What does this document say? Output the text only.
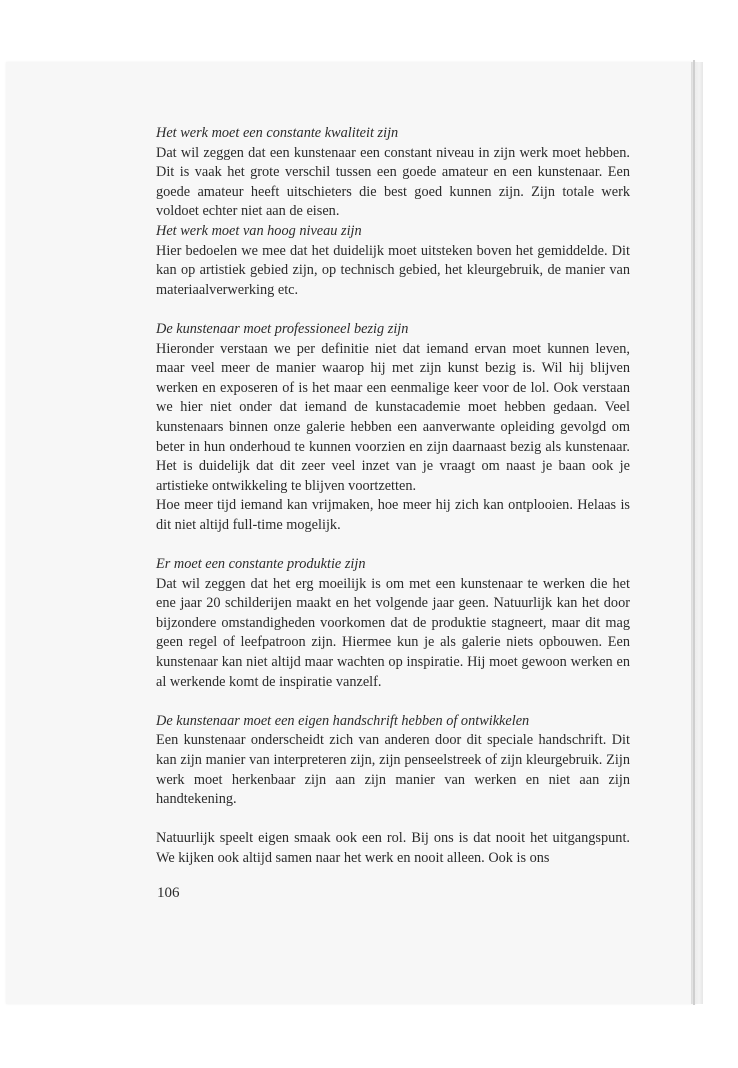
Het werk moet een constante kwaliteit zijn

Dat wil zeggen dat een kunstenaar een constant niveau in zijn werk moet hebben. Dit is vaak het grote verschil tussen een goede amateur en een kunstenaar. Een goede amateur heeft uitschieters die best goed kunnen zijn. Zijn totale werk voldoet echter niet aan de eisen.

Het werk moet van hoog niveau zijn

Hier bedoelen we mee dat het duidelijk moet uitsteken boven het gemiddelde. Dit kan op artistiek gebied zijn, op technisch gebied, het kleurgebruik, de manier van materiaalverwerking etc.

De kunstenaar moet professioneel bezig zijn

Hieronder verstaan we per definitie niet dat iemand ervan moet kunnen leven, maar veel meer de manier waarop hij met zijn kunst bezig is. Wil hij blijven werken en exposeren of is het maar een eenmalige keer voor de lol. Ook verstaan we hier niet onder dat iemand de kunstacademie moet hebben gedaan. Veel kunstenaars binnen onze galerie hebben een aanverwante opleiding gevolgd om beter in hun onderhoud te kunnen voorzien en zijn daarnaast bezig als kunstenaar. Het is duidelijk dat dit zeer veel inzet van je vraagt om naast je baan ook je artistieke ontwikkeling te blijven voortzetten.

Hoe meer tijd iemand kan vrijmaken, hoe meer hij zich kan ontplooien. Helaas is dit niet altijd full-time mogelijk.

Er moet een constante produktie zijn

Dat wil zeggen dat het erg moeilijk is om met een kunstenaar te werken die het ene jaar 20 schilderijen maakt en het volgende jaar geen. Natuurlijk kan het door bijzondere omstandigheden voorkomen dat de produktie stagneert, maar dit mag geen regel of leefpatroon zijn. Hiermee kun je als galerie niets opbouwen. Een kunstenaar kan niet altijd maar wachten op inspiratie. Hij moet gewoon werken en al werkende komt de inspiratie vanzelf.

De kunstenaar moet een eigen handschrift hebben of ontwikkelen

Een kunstenaar onderscheidt zich van anderen door dit speciale handschrift. Dit kan zijn manier van interpreteren zijn, zijn penseelstreek of zijn kleurgebruik. Zijn werk moet herkenbaar zijn aan zijn manier van werken en niet aan zijn handtekening.

Natuurlijk speelt eigen smaak ook een rol. Bij ons is dat nooit het uitgangspunt. We kijken ook altijd samen naar het werk en nooit alleen. Ook is ons

106
